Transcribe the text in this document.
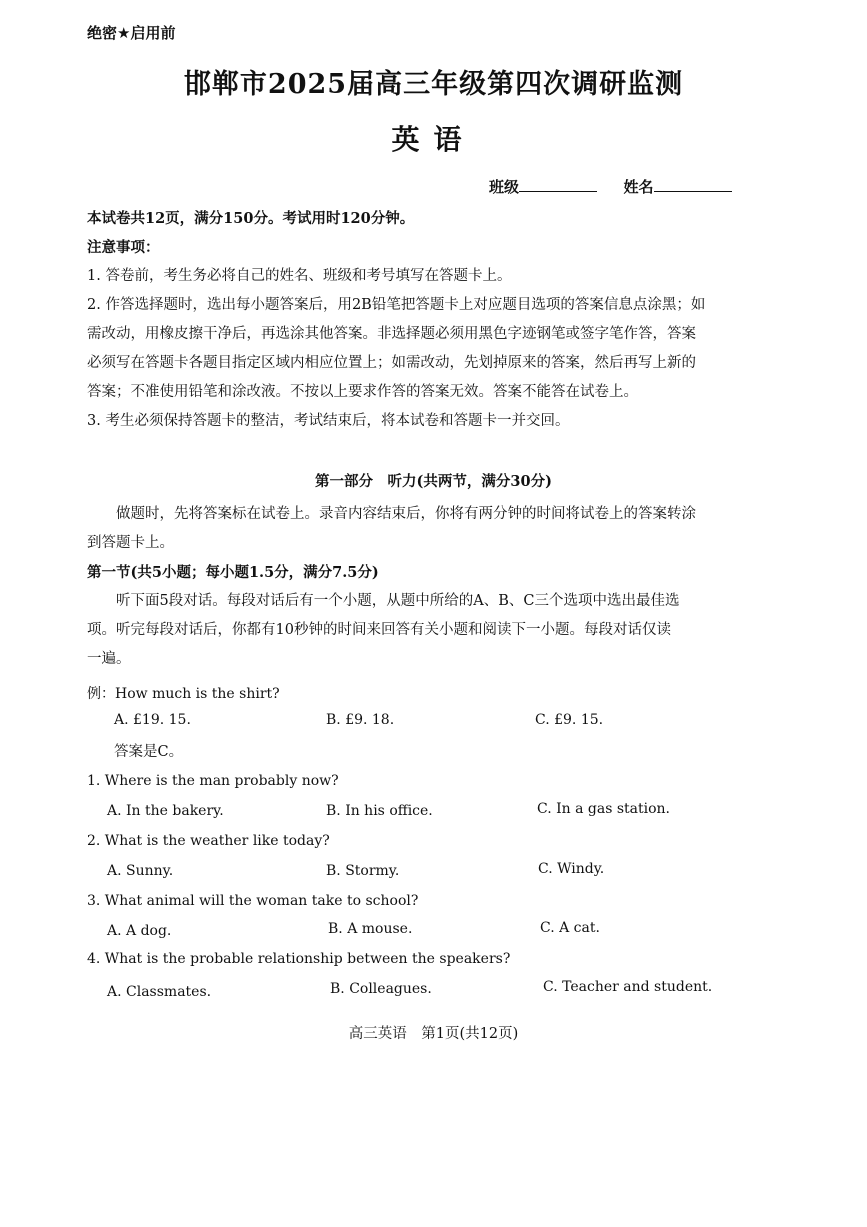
绝密★启用前
邯郸市2025届高三年级第四次调研监测
英语
班级	姓名
本试卷共12页，满分150分。考试用时120分钟。
注意事项：
1. 答卷前，考生务必将自己的姓名、班级和考号填写在答题卡上。
2. 作答选择题时，选出每小题答案后，用2B铅笔把答题卡上对应题目选项的答案信息点涂黑；如
需改动，用橡皮擦干净后，再选涂其他答案。非选择题必须用黑色字迹钢笔或签字笔作答，答案
必须写在答题卡各题目指定区域内相应位置上；如需改动，先划掉原来的答案，然后再写上新的
答案；不准使用铅笔和涂改液。不按以上要求作答的答案无效。答案不能答在试卷上。
3. 考生必须保持答题卡的整洁，考试结束后，将本试卷和答题卡一并交回。
第一部分　听力(共两节，满分30分)
做题时，先将答案标在试卷上。录音内容结束后，你将有两分钟的时间将试卷上的答案转涂
到答题卡上。
第一节(共5小题；每小题1.5分，满分7.5分)
听下面5段对话。每段对话后有一个小题，从题中所给的A、B、C三个选项中选出最佳选
项。听完每段对话后，你都有10秒钟的时间来回答有关小题和阅读下一小题。每段对话仅读
一遍。
例：How much is the shirt?
A. £19. 15.	B. £9. 18.	C. £9. 15.
答案是C。
1. Where is the man probably now?
A. In the bakery.	B. In his office.	C. In a gas station.
2. What is the weather like today?
A. Sunny.	B. Stormy.	C. Windy.
3. What animal will the woman take to school?
A. A dog.	B. A mouse.	C. A cat.
4. What is the probable relationship between the speakers?
A. Classmates.	B. Colleagues.	C. Teacher and student.
高三英语　第1页(共12页)
